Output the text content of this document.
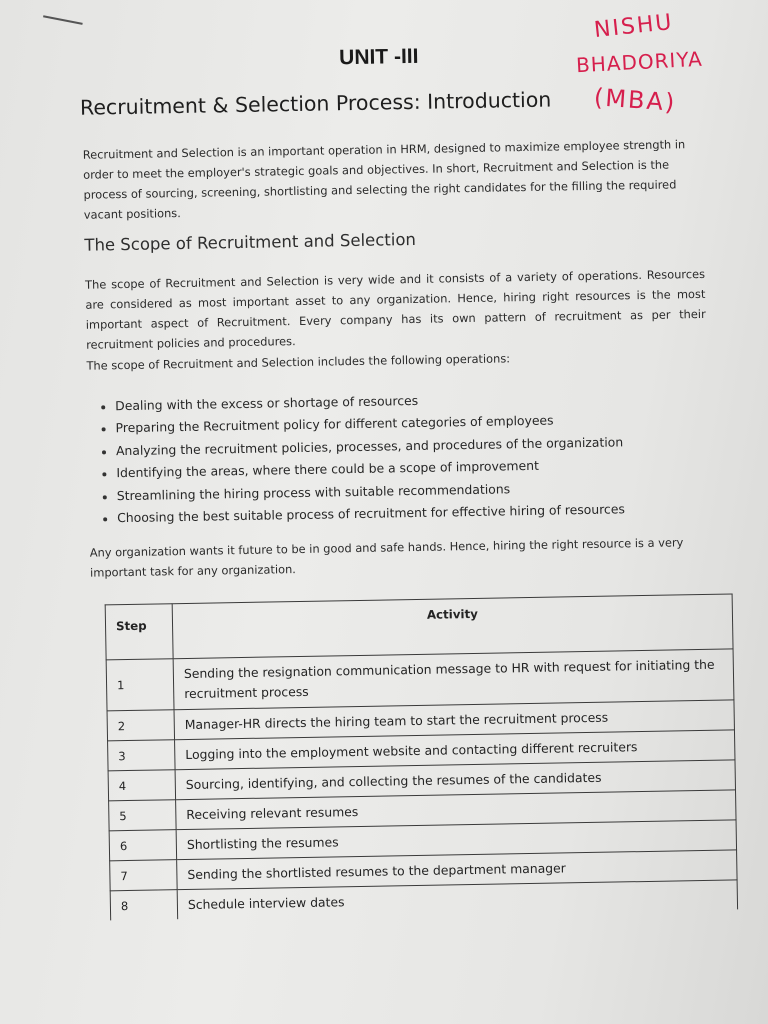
UNIT -III
Recruitment & Selection Process: Introduction

Recruitment and Selection is an important operation in HRM, designed to maximize employee strength in order to meet the employer's strategic goals and objectives. In short, Recruitment and Selection is the process of sourcing, screening, shortlisting and selecting the right candidates for the filling the required vacant positions.

The Scope of Recruitment and Selection

The scope of Recruitment and Selection is very wide and it consists of a variety of operations. Resources are considered as most important asset to any organization. Hence, hiring right resources is the most important aspect of Recruitment. Every company has its own pattern of recruitment as per their recruitment policies and procedures.

The scope of Recruitment and Selection includes the following operations:

Dealing with the excess or shortage of resources
Preparing the Recruitment policy for different categories of employees
Analyzing the recruitment policies, processes, and procedures of the organization
Identifying the areas, where there could be a scope of improvement
Streamlining the hiring process with suitable recommendations
Choosing the best suitable process of recruitment for effective hiring of resources

Any organization wants it future to be in good and safe hands. Hence, hiring the right resource is a very important task for any organization.

Step	Activity
1	Sending the resignation communication message to HR with request for initiating the recruitment process
2	Manager-HR directs the hiring team to start the recruitment process
3	Logging into the employment website and contacting different recruiters
4	Sourcing, identifying, and collecting the resumes of the candidates
5	Receiving relevant resumes
6	Shortlisting the resumes
7	Sending the shortlisted resumes to the department manager
8	Schedule interview dates
NISHU
BHADORIYA
(MBA)
